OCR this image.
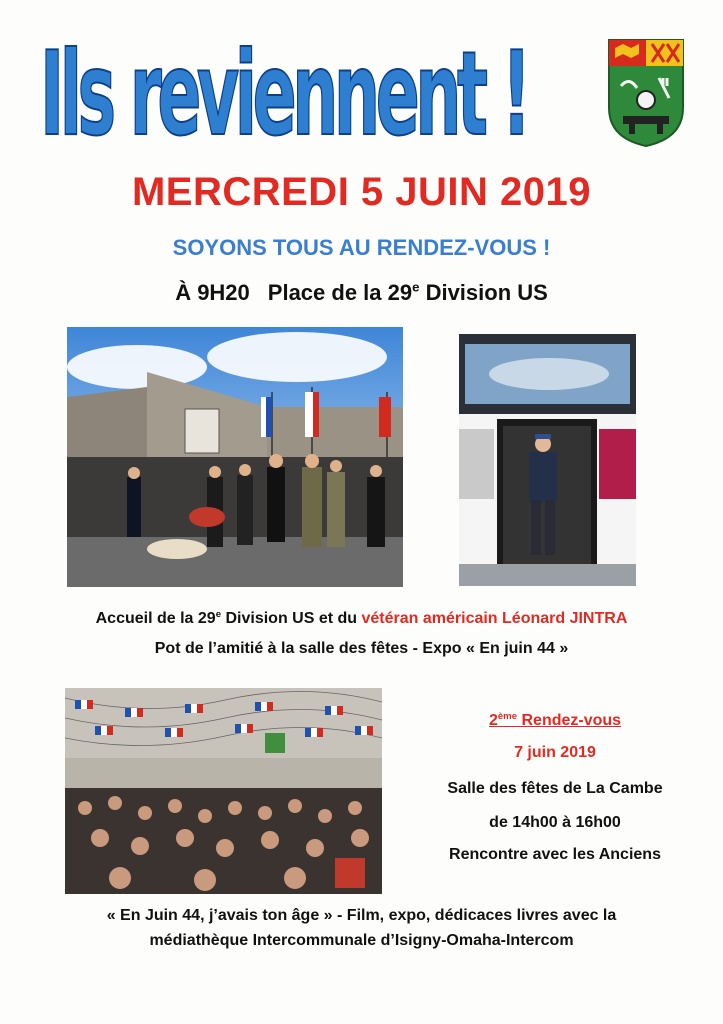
Ils reviennent !
MERCREDI 5 JUIN 2019
SOYONS TOUS AU RENDEZ-VOUS !
À 9H20 Place de la 29e Division US
Accueil de la 29e Division US et du vétéran américain Léonard JINTRA
Pot de l’amitié à la salle des fêtes - Expo « En juin 44 »
2ème Rendez-vous
7 juin 2019
Salle des fêtes de La Cambe
de 14h00 à 16h00
Rencontre avec les Anciens
« En Juin 44, j’avais ton âge » - Film, expo, dédicaces livres avec la
médiathèque Intercommunale d’Isigny-Omaha-Intercom
